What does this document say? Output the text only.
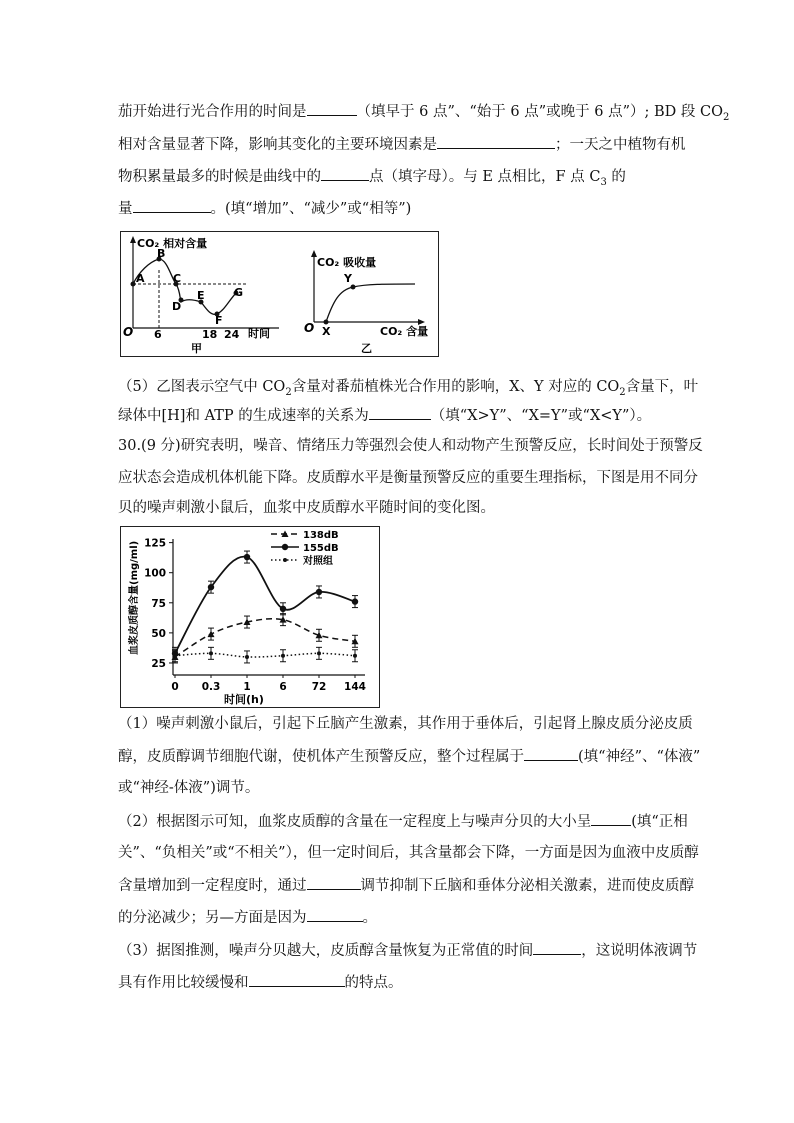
茄开始进行光合作用的时间是	（填早于 6 点”、“始于 6 点”或晚于 6 点”）; BD 段 $CO_2$
相对含量显著下降，影响其变化的主要环境因素是	；一天之中植物有机
物积累量最多的时候是曲线中的	点（填字母）。与 E 点相比，F 点 $C_3$ 的
量	。(填“增加”、“减少”或“相等”)
CO₂ 相对含量
O	时间
6	18 24
甲
A
B
C
D
E
F
G
CO₂ 吸收量
O	CO₂ 含量
乙
X
Y
（5）乙图表示空气中 $CO_2$含量对番茄植株光合作用的影响，X、Y 对应的 $CO_2$含量下，叶
绿体中[H]和 ATP 的生成速率的关系为	（填“X>Y”、“X=Y”或“X<Y”）。
30.(9 分)研究表明，噪音、情绪压力等强烈会使人和动物产生预警反应，长时间处于预警反
应状态会造成机体机能下降。皮质醇水平是衡量预警反应的重要生理指标，下图是用不同分
贝的噪声刺激小鼠后，血浆中皮质醇水平随时间的变化图。
血浆皮质醇含量(mg/ml)
时间(h)
25
50
75
100
125
0 0.3 1	6 72 144
138dB
155dB
对照组
（1）噪声刺激小鼠后，引起下丘脑产生激素，其作用于垂体后，引起肾上腺皮质分泌皮质
醇，皮质醇调节细胞代谢，使机体产生预警反应，整个过程属于	(填“神经”、“体液”
或“神经-体液”)调节。
（2）根据图示可知，血浆皮质醇的含量在一定程度上与噪声分贝的大小呈	(填“正相
关”、“负相关”或“不相关”），但一定时间后，其含量都会下降，一方面是因为血液中皮质醇
含量增加到一定程度时，通过	调节抑制下丘脑和垂体分泌相关激素，进而使皮质醇
的分泌减少；另—方面是因为	。
（3）据图推测，噪声分贝越大，皮质醇含量恢复为正常值的时间	，这说明体液调节
具有作用比较缓慢和	的特点。
